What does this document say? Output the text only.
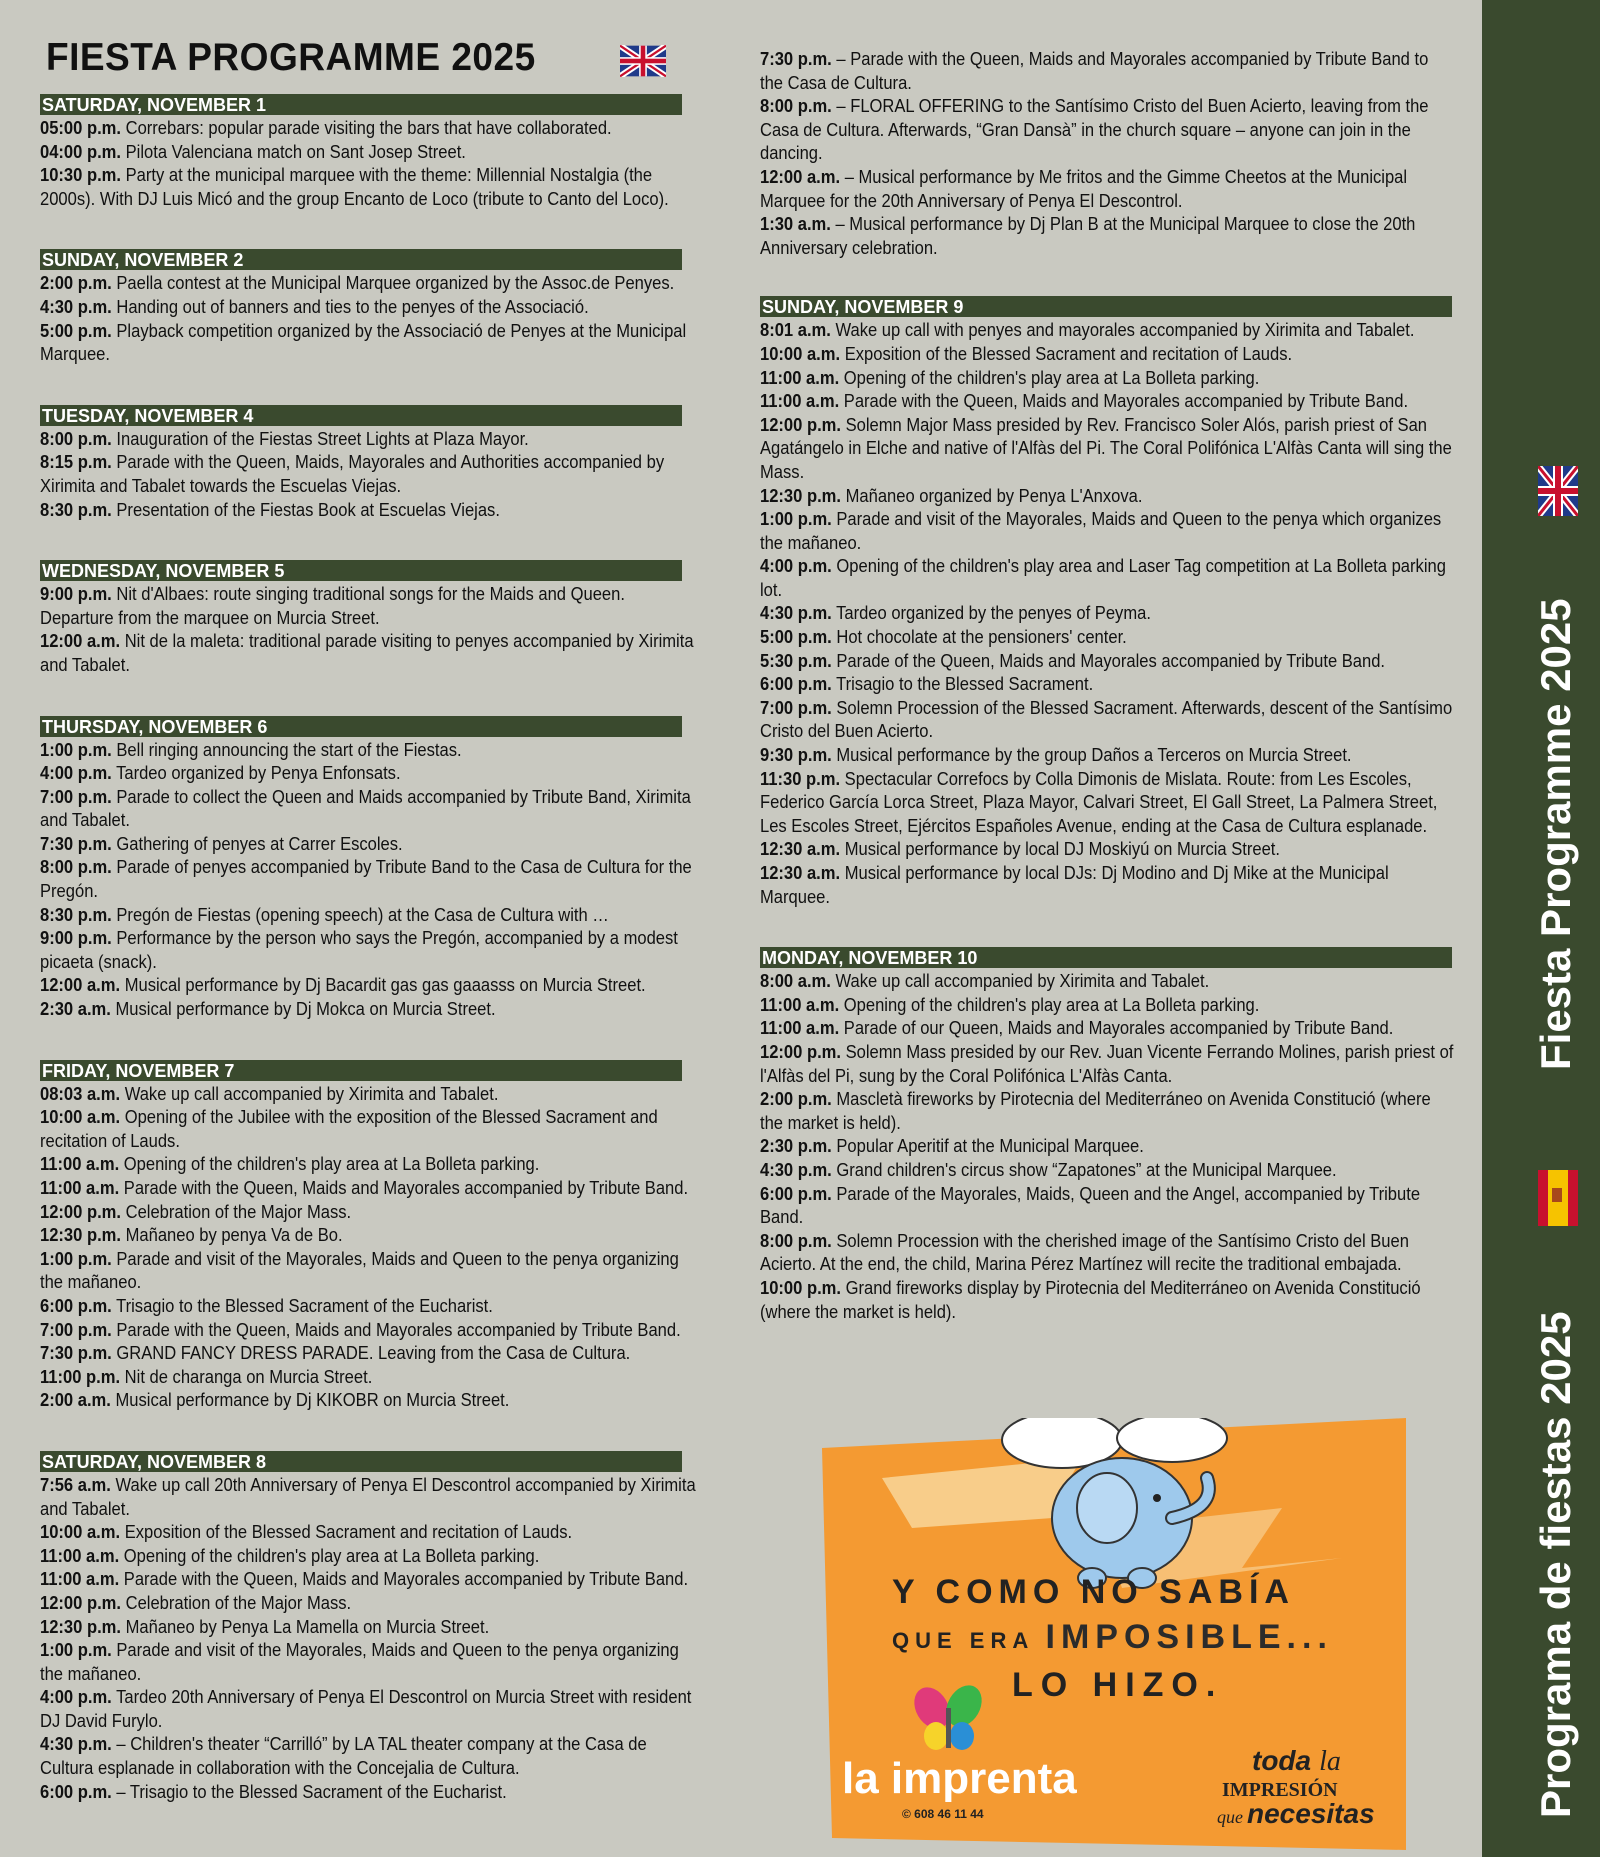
FIESTA PROGRAMME 2025
SATURDAY, NOVEMBER 1
05:00 p.m. Correbars: popular parade visiting the bars that have collaborated.
04:00 p.m. Pilota Valenciana match on Sant Josep Street.
10:30 p.m. Party at the municipal marquee with the theme: Millennial Nostalgia (the 2000s). With DJ Luis Micó and the group Encanto de Loco (tribute to Canto del Loco).
SUNDAY, NOVEMBER 2
2:00 p.m. Paella contest at the Municipal Marquee organized by the Assoc.de Penyes.
4:30 p.m. Handing out of banners and ties to the penyes of the Associació.
5:00 p.m. Playback competition organized by the Associació de Penyes at the Municipal Marquee.
TUESDAY, NOVEMBER 4
8:00 p.m. Inauguration of the Fiestas Street Lights at Plaza Mayor.
8:15 p.m. Parade with the Queen, Maids, Mayorales and Authorities accompanied by Xirimita and Tabalet towards the Escuelas Viejas.
8:30 p.m. Presentation of the Fiestas Book at Escuelas Viejas.
WEDNESDAY, NOVEMBER 5
9:00 p.m. Nit d'Albaes: route singing traditional songs for the Maids and Queen. Departure from the marquee on Murcia Street.
12:00 a.m. Nit de la maleta: traditional parade visiting to penyes accompanied by Xirimita and Tabalet.
THURSDAY, NOVEMBER 6
1:00 p.m. Bell ringing announcing the start of the Fiestas.
4:00 p.m. Tardeo organized by Penya Enfonsats.
7:00 p.m. Parade to collect the Queen and Maids accompanied by Tribute Band, Xirimita and Tabalet.
7:30 p.m. Gathering of penyes at Carrer Escoles.
8:00 p.m. Parade of penyes accompanied by Tribute Band to the Casa de Cultura for the Pregón.
8:30 p.m. Pregón de Fiestas (opening speech) at the Casa de Cultura with …
9:00 p.m. Performance by the person who says the Pregón, accompanied by a modest picaeta (snack).
12:00 a.m. Musical performance by Dj Bacardit gas gas gaaasss on Murcia Street.
2:30 a.m. Musical performance by Dj Mokca on Murcia Street.
FRIDAY, NOVEMBER 7
08:03 a.m. Wake up call accompanied by Xirimita and Tabalet.
10:00 a.m. Opening of the Jubilee with the exposition of the Blessed Sacrament and recitation of Lauds.
11:00 a.m. Opening of the children's play area at La Bolleta parking.
11:00 a.m. Parade with the Queen, Maids and Mayorales accompanied by Tribute Band.
12:00 p.m. Celebration of the Major Mass.
12:30 p.m. Mañaneo by penya Va de Bo.
1:00 p.m. Parade and visit of the Mayorales, Maids and Queen to the penya organizing the mañaneo.
6:00 p.m. Trisagio to the Blessed Sacrament of the Eucharist.
7:00 p.m. Parade with the Queen, Maids and Mayorales accompanied by Tribute Band.
7:30 p.m. GRAND FANCY DRESS PARADE. Leaving from the Casa de Cultura.
11:00 p.m. Nit de charanga on Murcia Street.
2:00 a.m. Musical performance by Dj KIKOBR on Murcia Street.
SATURDAY, NOVEMBER 8
7:56 a.m. Wake up call 20th Anniversary of Penya El Descontrol accompanied by Xirimita and Tabalet.
10:00 a.m. Exposition of the Blessed Sacrament and recitation of Lauds.
11:00 a.m. Opening of the children's play area at La Bolleta parking.
11:00 a.m. Parade with the Queen, Maids and Mayorales accompanied by Tribute Band.
12:00 p.m. Celebration of the Major Mass.
12:30 p.m. Mañaneo by Penya La Mamella on Murcia Street.
1:00 p.m. Parade and visit of the Mayorales, Maids and Queen to the penya organizing the mañaneo.
4:00 p.m. Tardeo 20th Anniversary of Penya El Descontrol on Murcia Street with resident DJ David Furylo.
4:30 p.m. – Children's theater “Carrilló” by LA TAL theater company at the Casa de Cultura esplanade in collaboration with the Concejalia de Cultura.
6:00 p.m. – Trisagio to the Blessed Sacrament of the Eucharist.
7:30 p.m. – Parade with the Queen, Maids and Mayorales accompanied by Tribute Band to the Casa de Cultura.
8:00 p.m. – FLORAL OFFERING to the Santísimo Cristo del Buen Acierto, leaving from the Casa de Cultura. Afterwards, “Gran Dansà” in the church square – anyone can join in the dancing.
12:00 a.m. – Musical performance by Me fritos and the Gimme Cheetos at the Municipal Marquee for the 20th Anniversary of Penya El Descontrol.
1:30 a.m. – Musical performance by Dj Plan B at the Municipal Marquee to close the 20th Anniversary celebration.
SUNDAY, NOVEMBER 9
8:01 a.m. Wake up call with penyes and mayorales accompanied by Xirimita and Tabalet.
10:00 a.m. Exposition of the Blessed Sacrament and recitation of Lauds.
11:00 a.m. Opening of the children's play area at La Bolleta parking.
11:00 a.m. Parade with the Queen, Maids and Mayorales accompanied by Tribute Band.
12:00 p.m. Solemn Major Mass presided by Rev. Francisco Soler Alós, parish priest of San Agatángelo in Elche and native of l'Alfàs del Pi. The Coral Polifónica L'Alfàs Canta will sing the Mass.
12:30 p.m. Mañaneo organized by Penya L'Anxova.
1:00 p.m. Parade and visit of the Mayorales, Maids and Queen to the penya which organizes the mañaneo.
4:00 p.m. Opening of the children's play area and Laser Tag competition at La Bolleta parking lot.
4:30 p.m. Tardeo organized by the penyes of Peyma.
5:00 p.m. Hot chocolate at the pensioners' center.
5:30 p.m. Parade of the Queen, Maids and Mayorales accompanied by Tribute Band.
6:00 p.m. Trisagio to the Blessed Sacrament.
7:00 p.m. Solemn Procession of the Blessed Sacrament. Afterwards, descent of the Santísimo Cristo del Buen Acierto.
9:30 p.m. Musical performance by the group Daños a Terceros on Murcia Street.
11:30 p.m. Spectacular Correfocs by Colla Dimonis de Mislata. Route: from Les Escoles, Federico García Lorca Street, Plaza Mayor, Calvari Street, El Gall Street, La Palmera Street, Les Escoles Street, Ejércitos Españoles Avenue, ending at the Casa de Cultura esplanade.
12:30 a.m. Musical performance by local DJ Moskiyú on Murcia Street.
12:30 a.m. Musical performance by local DJs: Dj Modino and Dj Mike at the Municipal Marquee.
MONDAY, NOVEMBER 10
8:00 a.m. Wake up call accompanied by Xirimita and Tabalet.
11:00 a.m. Opening of the children's play area at La Bolleta parking.
11:00 a.m. Parade of our Queen, Maids and Mayorales accompanied by Tribute Band.
12:00 p.m. Solemn Mass presided by our Rev. Juan Vicente Ferrando Molines, parish priest of l'Alfàs del Pi, sung by the Coral Polifónica L'Alfàs Canta.
2:00 p.m. Mascletà fireworks by Pirotecnia del Mediterráneo on Avenida Constitució (where the market is held).
2:30 p.m. Popular Aperitif at the Municipal Marquee.
4:30 p.m. Grand children's circus show “Zapatones” at the Municipal Marquee.
6:00 p.m. Parade of the Mayorales, Maids, Queen and the Angel, accompanied by Tribute Band.
8:00 p.m. Solemn Procession with the cherished image of the Santísimo Cristo del Buen Acierto. At the end, the child, Marina Pérez Martínez will recite the traditional embajada.
10:00 p.m. Grand fireworks display by Pirotecnia del Mediterráneo on Avenida Constitució (where the market is held).
Y COMO NO SABÍA
QUE ERA IMPOSIBLE...
LO HIZO.
la imprenta
© 608 46 11 44
toda la
IMPRESIÓN
que necesitas
Fiesta Programme 2025
Programa de fiestas 2025
